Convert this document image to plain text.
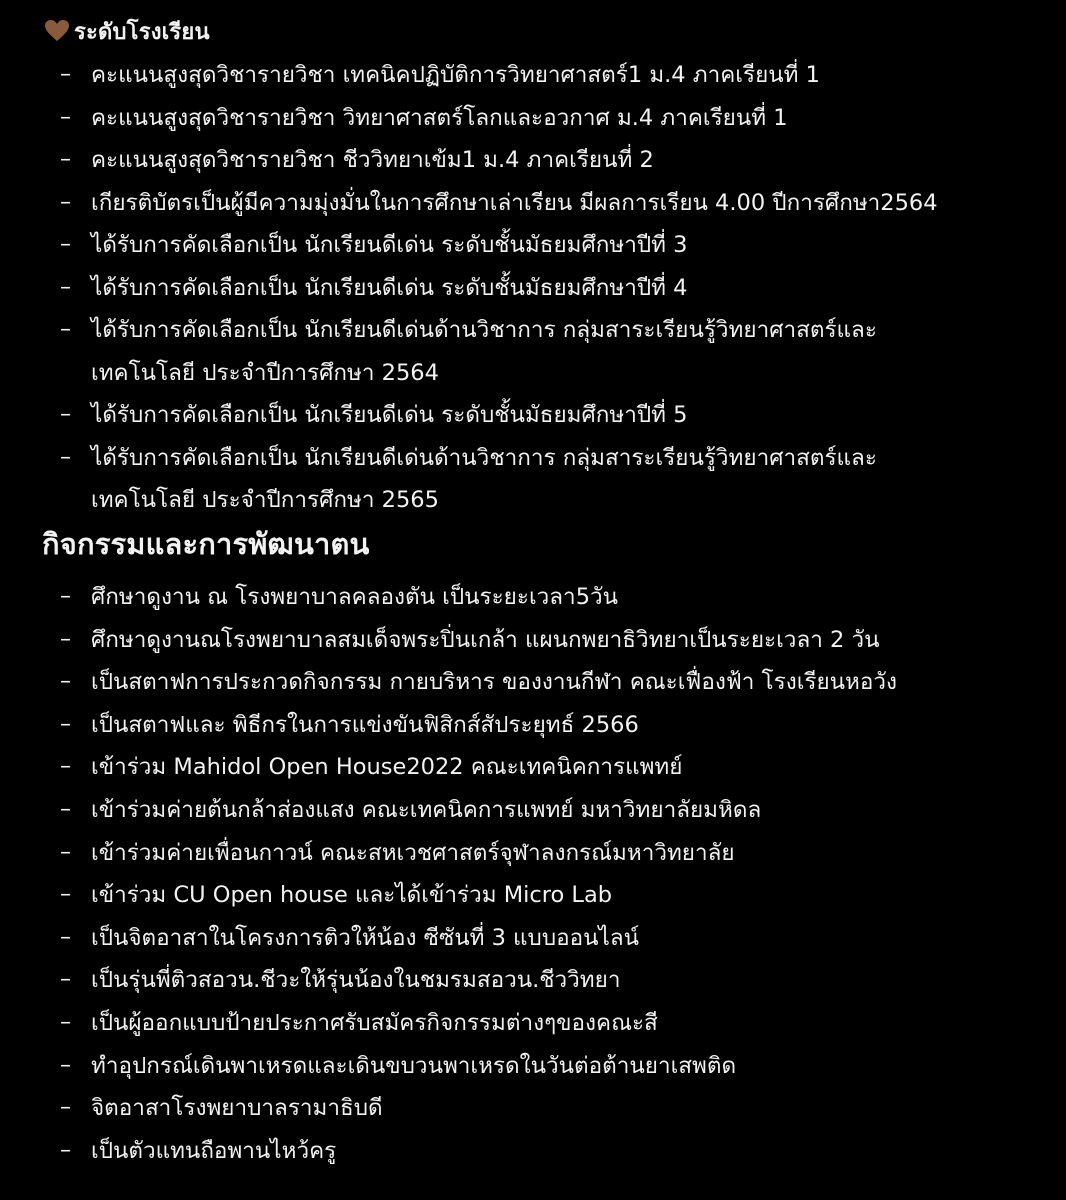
ระดับโรงเรียน
– คะแนนสูงสุดวิชารายวิชา เทคนิคปฏิบัติการวิทยาศาสตร์1 ม.4 ภาคเรียนที่ 1
– คะแนนสูงสุดวิชารายวิชา วิทยาศาสตร์โลกและอวกาศ ม.4 ภาคเรียนที่ 1
– คะแนนสูงสุดวิชารายวิชา ชีววิทยาเข้ม1 ม.4 ภาคเรียนที่ 2
– เกียรติบัตรเป็นผู้มีความมุ่งมั่นในการศึกษาเล่าเรียน มีผลการเรียน 4.00 ปีการศึกษา2564
– ได้รับการคัดเลือกเป็น นักเรียนดีเด่น ระดับชั้นมัธยมศึกษาปีที่ 3
– ได้รับการคัดเลือกเป็น นักเรียนดีเด่น ระดับชั้นมัธยมศึกษาปีที่ 4
– ได้รับการคัดเลือกเป็น นักเรียนดีเด่นด้านวิชาการ กลุ่มสาระเรียนรู้วิทยาศาสตร์และเทคโนโลยี ประจำปีการศึกษา 2564
– ได้รับการคัดเลือกเป็น นักเรียนดีเด่น ระดับชั้นมัธยมศึกษาปีที่ 5
– ได้รับการคัดเลือกเป็น นักเรียนดีเด่นด้านวิชาการ กลุ่มสาระเรียนรู้วิทยาศาสตร์และเทคโนโลยี ประจำปีการศึกษา 2565
กิจกรรมและการพัฒนาตน
– ศึกษาดูงาน ณ โรงพยาบาลคลองตัน เป็นระยะเวลา5วัน
– ศึกษาดูงานณโรงพยาบาลสมเด็จพระปิ่นเกล้า แผนกพยาธิวิทยาเป็นระยะเวลา 2 วัน
– เป็นสตาฟการประกวดกิจกรรม กายบริหาร ของงานกีฬา คณะเฟื่องฟ้า โรงเรียนหอวัง
– เป็นสตาฟและ พิธีกรในการแข่งขันฟิสิกส์สัประยุทธ์ 2566
– เข้าร่วม Mahidol Open House2022 คณะเทคนิคการแพทย์
– เข้าร่วมค่ายต้นกล้าส่องแสง คณะเทคนิคการแพทย์ มหาวิทยาลัยมหิดล
– เข้าร่วมค่ายเพื่อนกาวน์ คณะสหเวชศาสตร์จุฬาลงกรณ์มหาวิทยาลัย
– เข้าร่วม CU Open house และได้เข้าร่วม Micro Lab
– เป็นจิตอาสาในโครงการติวให้น้อง ซีซันที่ 3 แบบออนไลน์
– เป็นรุ่นพี่ติวสอวน.ชีวะให้รุ่นน้องในชมรมสอวน.ชีววิทยา
– เป็นผู้ออกแบบป้ายประกาศรับสมัครกิจกรรมต่างๆของคณะสี
– ทำอุปกรณ์เดินพาเหรดและเดินขบวนพาเหรดในวันต่อต้านยาเสพติด
– จิตอาสาโรงพยาบาลรามาธิบดี
– เป็นตัวแทนถือพานไหว้ครู
